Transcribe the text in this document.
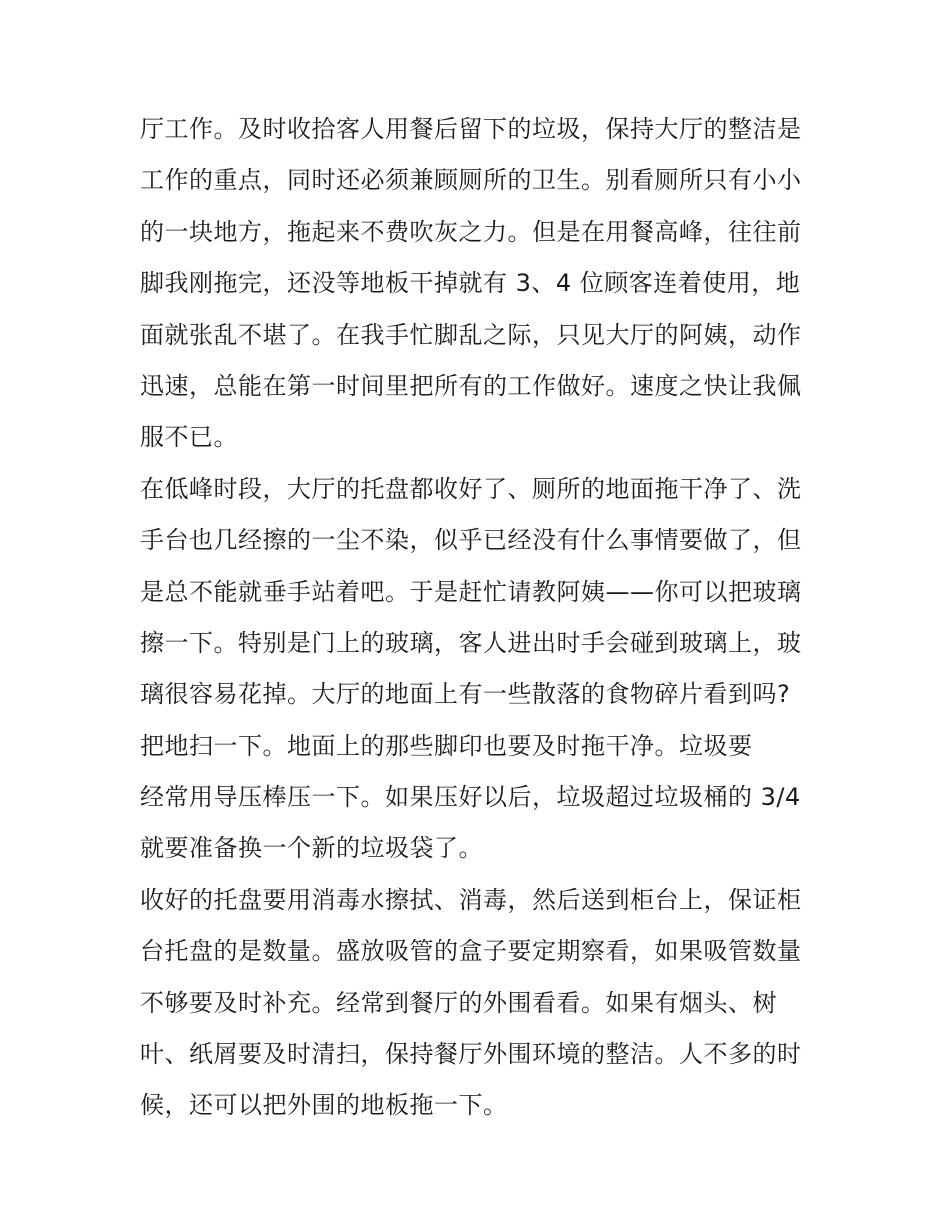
厅工作。及时收拾客人用餐后留下的垃圾，保持大厅的整洁是
工作的重点，同时还必须兼顾厕所的卫生。别看厕所只有小小
的一块地方，拖起来不费吹灰之力。但是在用餐高峰，往往前
脚我刚拖完，还没等地板干掉就有 3、4 位顾客连着使用，地
面就张乱不堪了。在我手忙脚乱之际，只见大厅的阿姨，动作
迅速，总能在第一时间里把所有的工作做好。速度之快让我佩
服不已。
在低峰时段，大厅的托盘都收好了、厕所的地面拖干净了、洗
手台也几经擦的一尘不染，似乎已经没有什么事情要做了，但
是总不能就垂手站着吧。于是赶忙请教阿姨——你可以把玻璃
擦一下。特别是门上的玻璃，客人进出时手会碰到玻璃上，玻
璃很容易花掉。大厅的地面上有一些散落的食物碎片看到吗?
把地扫一下。地面上的那些脚印也要及时拖干净。垃圾要
经常用导压棒压一下。如果压好以后，垃圾超过垃圾桶的 3/4
就要准备换一个新的垃圾袋了。
收好的托盘要用消毒水擦拭、消毒，然后送到柜台上，保证柜
台托盘的是数量。盛放吸管的盒子要定期察看，如果吸管数量
不够要及时补充。经常到餐厅的外围看看。如果有烟头、树
叶、纸屑要及时清扫，保持餐厅外围环境的整洁。人不多的时
候，还可以把外围的地板拖一下。
